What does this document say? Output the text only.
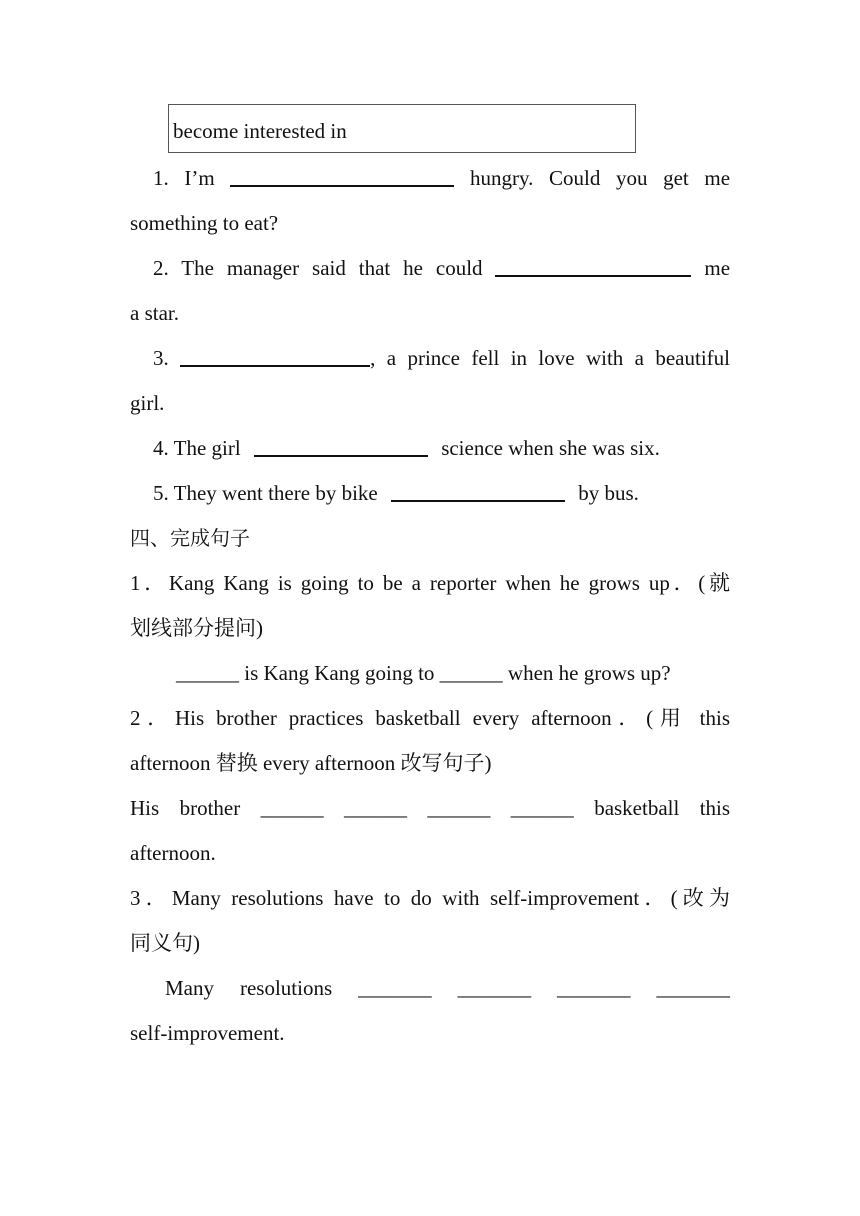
become interested in
1. I’m	hungry. Could you get me
something to eat?
2. The manager said that he could	me
a star.
3.	, a prince fell in love with a beautiful
girl.
4. The girl	science when she was six.
5. They went there by bike	by bus.
四、完成句子
1．Kang Kang is going to be a reporter when he grows up．(就
划线部分提问)
______ is Kang Kang going to ______ when he grows up?
2．His brother practices basketball every afternoon．(用 this
afternoon 替换 every afternoon 改写句子)
His brother ______ ______ ______ ______ basketball this
afternoon.
3．Many resolutions have to do with self-improvement．(改为
同义句)
Many resolutions _______ _______ _______ _______
self-improvement.
